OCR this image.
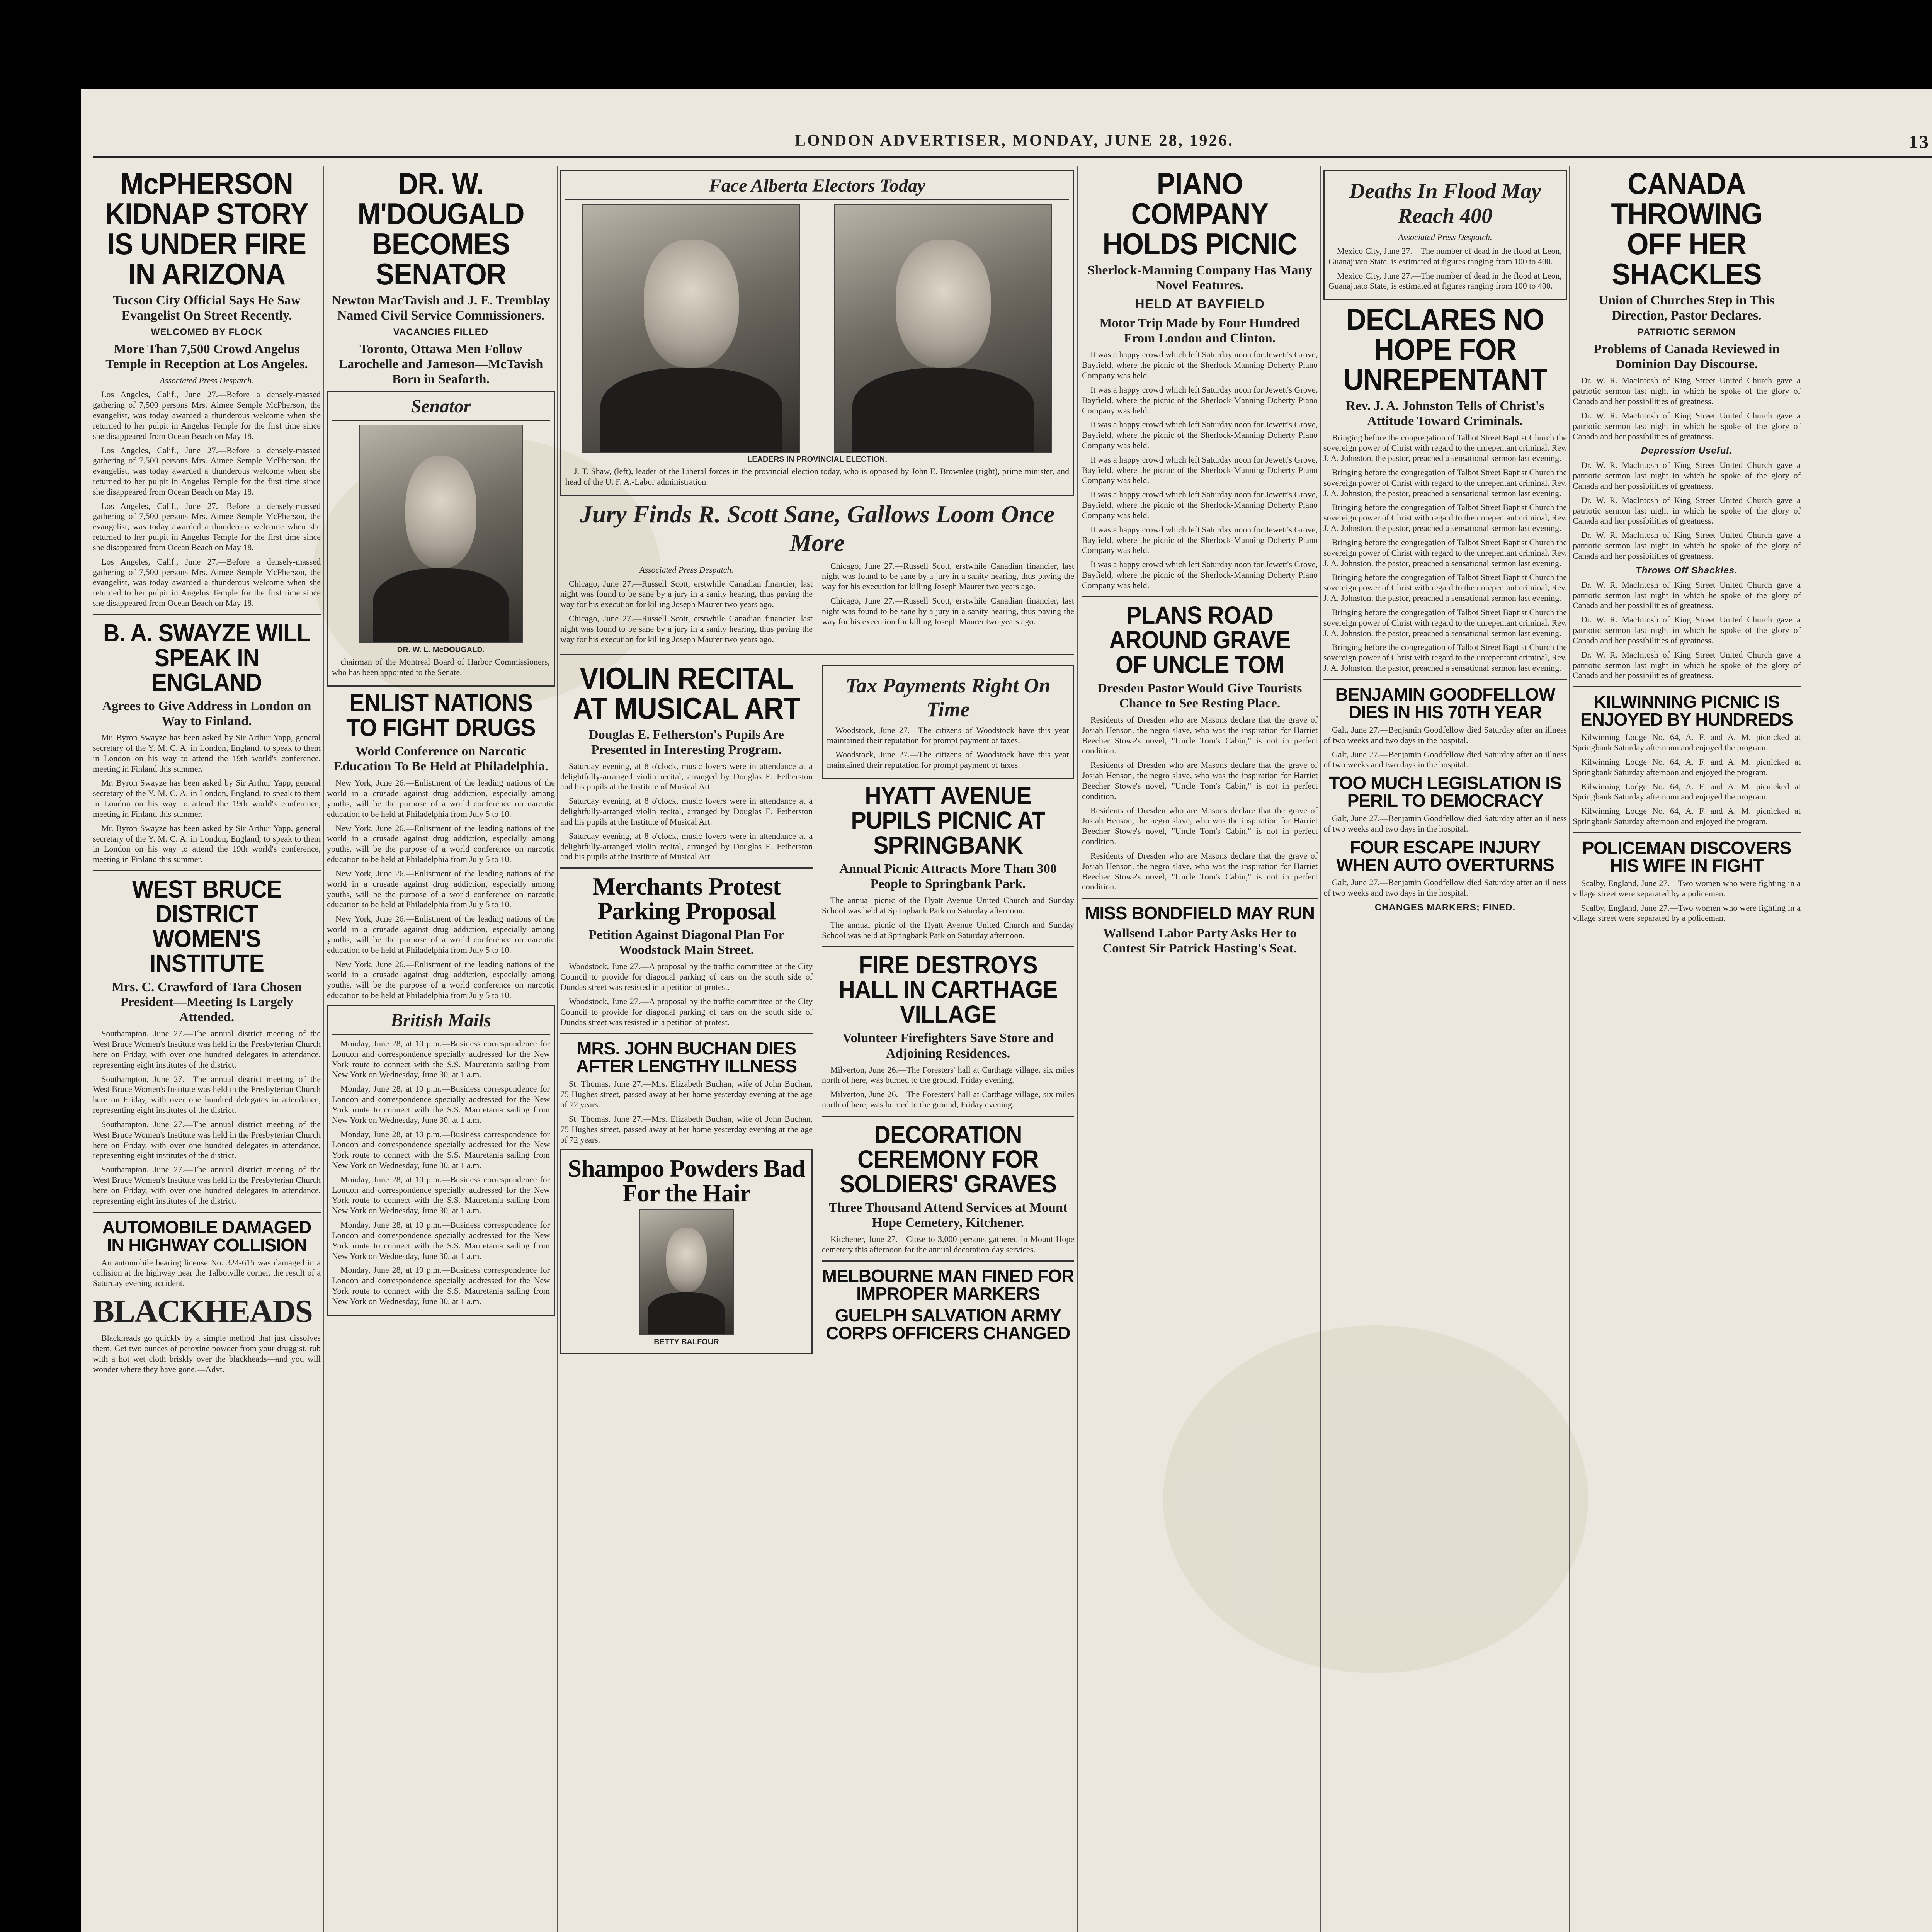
LONDON ADVERTISER, MONDAY, JUNE 28, 1926.	13
McPHERSON KIDNAP STORY IS UNDER FIRE IN ARIZONA
Tucson City Official Says He Saw Evangelist On Street Recently.
WELCOMED BY FLOCK
More Than 7,500 Crowd Angelus Temple in Reception at Los Angeles.
Associated Press Despatch.

Los Angeles, Calif., June 27.—Before a densely-massed gathering of 7,500 persons Mrs. Aimee Semple McPherson, the evangelist, was today awarded a thunderous welcome when she returned to her pulpit in Angelus Temple for the first time since she disappeared from Ocean Beach on May 18.

Los Angeles, Calif., June 27.—Before a densely-massed gathering of 7,500 persons Mrs. Aimee Semple McPherson, the evangelist, was today awarded a thunderous welcome when she returned to her pulpit in Angelus Temple for the first time since she disappeared from Ocean Beach on May 18.

Los Angeles, Calif., June 27.—Before a densely-massed gathering of 7,500 persons Mrs. Aimee Semple McPherson, the evangelist, was today awarded a thunderous welcome when she returned to her pulpit in Angelus Temple for the first time since she disappeared from Ocean Beach on May 18.

Los Angeles, Calif., June 27.—Before a densely-massed gathering of 7,500 persons Mrs. Aimee Semple McPherson, the evangelist, was today awarded a thunderous welcome when she returned to her pulpit in Angelus Temple for the first time since she disappeared from Ocean Beach on May 18.

B. A. SWAYZE WILL SPEAK IN ENGLAND
Agrees to Give Address in London on Way to Finland.

Mr. Byron Swayze has been asked by Sir Arthur Yapp, general secretary of the Y. M. C. A. in London, England, to speak to them in London on his way to attend the 19th world's conference, meeting in Finland this summer.

Mr. Byron Swayze has been asked by Sir Arthur Yapp, general secretary of the Y. M. C. A. in London, England, to speak to them in London on his way to attend the 19th world's conference, meeting in Finland this summer.

Mr. Byron Swayze has been asked by Sir Arthur Yapp, general secretary of the Y. M. C. A. in London, England, to speak to them in London on his way to attend the 19th world's conference, meeting in Finland this summer.

WEST BRUCE DISTRICT WOMEN'S INSTITUTE
Mrs. C. Crawford of Tara Chosen President—Meeting Is Largely Attended.

Southampton, June 27.—The annual district meeting of the West Bruce Women's Institute was held in the Presbyterian Church here on Friday, with over one hundred delegates in attendance, representing eight institutes of the district.

Southampton, June 27.—The annual district meeting of the West Bruce Women's Institute was held in the Presbyterian Church here on Friday, with over one hundred delegates in attendance, representing eight institutes of the district.

Southampton, June 27.—The annual district meeting of the West Bruce Women's Institute was held in the Presbyterian Church here on Friday, with over one hundred delegates in attendance, representing eight institutes of the district.

Southampton, June 27.—The annual district meeting of the West Bruce Women's Institute was held in the Presbyterian Church here on Friday, with over one hundred delegates in attendance, representing eight institutes of the district.

AUTOMOBILE DAMAGED IN HIGHWAY COLLISION

An automobile bearing license No. 324-615 was damaged in a collision at the highway near the Talbotville corner, the result of a Saturday evening accident.

BLACKHEADS

Blackheads go quickly by a simple method that just dissolves them. Get two ounces of peroxine powder from your druggist, rub with a hot wet cloth briskly over the blackheads—and you will wonder where they have gone.—Advt.

DR. W. M'DOUGALD BECOMES SENATOR
Newton MacTavish and J. E. Tremblay Named Civil Service Commissioners.
VACANCIES FILLED
Toronto, Ottawa Men Follow Larochelle and Jameson—McTavish Born in Seaforth.
Senator
DR. W. L. McDOUGALD.

chairman of the Montreal Board of Harbor Commissioners, who has been appointed to the Senate.

ENLIST NATIONS TO FIGHT DRUGS
World Conference on Narcotic Education To Be Held at Philadelphia.

New York, June 26.—Enlistment of the leading nations of the world in a crusade against drug addiction, especially among youths, will be the purpose of a world conference on narcotic education to be held at Philadelphia from July 5 to 10.

New York, June 26.—Enlistment of the leading nations of the world in a crusade against drug addiction, especially among youths, will be the purpose of a world conference on narcotic education to be held at Philadelphia from July 5 to 10.

New York, June 26.—Enlistment of the leading nations of the world in a crusade against drug addiction, especially among youths, will be the purpose of a world conference on narcotic education to be held at Philadelphia from July 5 to 10.

New York, June 26.—Enlistment of the leading nations of the world in a crusade against drug addiction, especially among youths, will be the purpose of a world conference on narcotic education to be held at Philadelphia from July 5 to 10.

New York, June 26.—Enlistment of the leading nations of the world in a crusade against drug addiction, especially among youths, will be the purpose of a world conference on narcotic education to be held at Philadelphia from July 5 to 10.

British Mails

Monday, June 28, at 10 p.m.—Business correspondence for London and correspondence specially addressed for the New York route to connect with the S.S. Mauretania sailing from New York on Wednesday, June 30, at 1 a.m.

Monday, June 28, at 10 p.m.—Business correspondence for London and correspondence specially addressed for the New York route to connect with the S.S. Mauretania sailing from New York on Wednesday, June 30, at 1 a.m.

Monday, June 28, at 10 p.m.—Business correspondence for London and correspondence specially addressed for the New York route to connect with the S.S. Mauretania sailing from New York on Wednesday, June 30, at 1 a.m.

Monday, June 28, at 10 p.m.—Business correspondence for London and correspondence specially addressed for the New York route to connect with the S.S. Mauretania sailing from New York on Wednesday, June 30, at 1 a.m.

Monday, June 28, at 10 p.m.—Business correspondence for London and correspondence specially addressed for the New York route to connect with the S.S. Mauretania sailing from New York on Wednesday, June 30, at 1 a.m.

Monday, June 28, at 10 p.m.—Business correspondence for London and correspondence specially addressed for the New York route to connect with the S.S. Mauretania sailing from New York on Wednesday, June 30, at 1 a.m.

Face Alberta Electors Today
LEADERS IN PROVINCIAL ELECTION.

J. T. Shaw, (left), leader of the Liberal forces in the provincial election today, who is opposed by John E. Brownlee (right), prime minister, and head of the U. F. A.-Labor administration.

Jury Finds R. Scott Sane, Gallows Loom Once More
Associated Press Despatch.

Chicago, June 27.—Russell Scott, erstwhile Canadian financier, last night was found to be sane by a jury in a sanity hearing, thus paving the way for his execution for killing Joseph Maurer two years ago.

Chicago, June 27.—Russell Scott, erstwhile Canadian financier, last night was found to be sane by a jury in a sanity hearing, thus paving the way for his execution for killing Joseph Maurer two years ago.

Chicago, June 27.—Russell Scott, erstwhile Canadian financier, last night was found to be sane by a jury in a sanity hearing, thus paving the way for his execution for killing Joseph Maurer two years ago.

Chicago, June 27.—Russell Scott, erstwhile Canadian financier, last night was found to be sane by a jury in a sanity hearing, thus paving the way for his execution for killing Joseph Maurer two years ago.

VIOLIN RECITAL AT MUSICAL ART
Douglas E. Fetherston's Pupils Are Presented in Interesting Program.

Saturday evening, at 8 o'clock, music lovers were in attendance at a delightfully-arranged violin recital, arranged by Douglas E. Fetherston and his pupils at the Institute of Musical Art.

Saturday evening, at 8 o'clock, music lovers were in attendance at a delightfully-arranged violin recital, arranged by Douglas E. Fetherston and his pupils at the Institute of Musical Art.

Saturday evening, at 8 o'clock, music lovers were in attendance at a delightfully-arranged violin recital, arranged by Douglas E. Fetherston and his pupils at the Institute of Musical Art.

Merchants Protest Parking Proposal
Petition Against Diagonal Plan For Woodstock Main Street.

Woodstock, June 27.—A proposal by the traffic committee of the City Council to provide for diagonal parking of cars on the south side of Dundas street was resisted in a petition of protest.

Woodstock, June 27.—A proposal by the traffic committee of the City Council to provide for diagonal parking of cars on the south side of Dundas street was resisted in a petition of protest.

MRS. JOHN BUCHAN DIES AFTER LENGTHY ILLNESS

St. Thomas, June 27.—Mrs. Elizabeth Buchan, wife of John Buchan, 75 Hughes street, passed away at her home yesterday evening at the age of 72 years.

St. Thomas, June 27.—Mrs. Elizabeth Buchan, wife of John Buchan, 75 Hughes street, passed away at her home yesterday evening at the age of 72 years.

Shampoo Powders Bad For the Hair
BETTY BALFOUR
Tax Payments Right On Time

Woodstock, June 27.—The citizens of Woodstock have this year maintained their reputation for prompt payment of taxes.

Woodstock, June 27.—The citizens of Woodstock have this year maintained their reputation for prompt payment of taxes.

HYATT AVENUE PUPILS PICNIC AT SPRINGBANK
Annual Picnic Attracts More Than 300 People to Springbank Park.

The annual picnic of the Hyatt Avenue United Church and Sunday School was held at Springbank Park on Saturday afternoon.

The annual picnic of the Hyatt Avenue United Church and Sunday School was held at Springbank Park on Saturday afternoon.

FIRE DESTROYS HALL IN CARTHAGE VILLAGE
Volunteer Firefighters Save Store and Adjoining Residences.

Milverton, June 26.—The Foresters' hall at Carthage village, six miles north of here, was burned to the ground, Friday evening.

Milverton, June 26.—The Foresters' hall at Carthage village, six miles north of here, was burned to the ground, Friday evening.

DECORATION CEREMONY FOR SOLDIERS' GRAVES
Three Thousand Attend Services at Mount Hope Cemetery, Kitchener.

Kitchener, June 27.—Close to 3,000 persons gathered in Mount Hope cemetery this afternoon for the annual decoration day services.

MELBOURNE MAN FINED FOR IMPROPER MARKERS
GUELPH SALVATION ARMY CORPS OFFICERS CHANGED
PIANO COMPANY HOLDS PICNIC
Sherlock-Manning Company Has Many Novel Features.
HELD AT BAYFIELD
Motor Trip Made by Four Hundred From London and Clinton.

It was a happy crowd which left Saturday noon for Jewett's Grove, Bayfield, where the picnic of the Sherlock-Manning Doherty Piano Company was held.

It was a happy crowd which left Saturday noon for Jewett's Grove, Bayfield, where the picnic of the Sherlock-Manning Doherty Piano Company was held.

It was a happy crowd which left Saturday noon for Jewett's Grove, Bayfield, where the picnic of the Sherlock-Manning Doherty Piano Company was held.

It was a happy crowd which left Saturday noon for Jewett's Grove, Bayfield, where the picnic of the Sherlock-Manning Doherty Piano Company was held.

It was a happy crowd which left Saturday noon for Jewett's Grove, Bayfield, where the picnic of the Sherlock-Manning Doherty Piano Company was held.

It was a happy crowd which left Saturday noon for Jewett's Grove, Bayfield, where the picnic of the Sherlock-Manning Doherty Piano Company was held.

It was a happy crowd which left Saturday noon for Jewett's Grove, Bayfield, where the picnic of the Sherlock-Manning Doherty Piano Company was held.

PLANS ROAD AROUND GRAVE OF UNCLE TOM
Dresden Pastor Would Give Tourists Chance to See Resting Place.

Residents of Dresden who are Masons declare that the grave of Josiah Henson, the negro slave, who was the inspiration for Harriet Beecher Stowe's novel, "Uncle Tom's Cabin," is not in perfect condition.

Residents of Dresden who are Masons declare that the grave of Josiah Henson, the negro slave, who was the inspiration for Harriet Beecher Stowe's novel, "Uncle Tom's Cabin," is not in perfect condition.

Residents of Dresden who are Masons declare that the grave of Josiah Henson, the negro slave, who was the inspiration for Harriet Beecher Stowe's novel, "Uncle Tom's Cabin," is not in perfect condition.

Residents of Dresden who are Masons declare that the grave of Josiah Henson, the negro slave, who was the inspiration for Harriet Beecher Stowe's novel, "Uncle Tom's Cabin," is not in perfect condition.

MISS BONDFIELD MAY RUN
Wallsend Labor Party Asks Her to Contest Sir Patrick Hasting's Seat.
Deaths In Flood May Reach 400
Associated Press Despatch.

Mexico City, June 27.—The number of dead in the flood at Leon, Guanajuato State, is estimated at figures ranging from 100 to 400.

Mexico City, June 27.—The number of dead in the flood at Leon, Guanajuato State, is estimated at figures ranging from 100 to 400.

DECLARES NO HOPE FOR UNREPENTANT
Rev. J. A. Johnston Tells of Christ's Attitude Toward Criminals.

Bringing before the congregation of Talbot Street Baptist Church the sovereign power of Christ with regard to the unrepentant criminal, Rev. J. A. Johnston, the pastor, preached a sensational sermon last evening.

Bringing before the congregation of Talbot Street Baptist Church the sovereign power of Christ with regard to the unrepentant criminal, Rev. J. A. Johnston, the pastor, preached a sensational sermon last evening.

Bringing before the congregation of Talbot Street Baptist Church the sovereign power of Christ with regard to the unrepentant criminal, Rev. J. A. Johnston, the pastor, preached a sensational sermon last evening.

Bringing before the congregation of Talbot Street Baptist Church the sovereign power of Christ with regard to the unrepentant criminal, Rev. J. A. Johnston, the pastor, preached a sensational sermon last evening.

Bringing before the congregation of Talbot Street Baptist Church the sovereign power of Christ with regard to the unrepentant criminal, Rev. J. A. Johnston, the pastor, preached a sensational sermon last evening.

Bringing before the congregation of Talbot Street Baptist Church the sovereign power of Christ with regard to the unrepentant criminal, Rev. J. A. Johnston, the pastor, preached a sensational sermon last evening.

Bringing before the congregation of Talbot Street Baptist Church the sovereign power of Christ with regard to the unrepentant criminal, Rev. J. A. Johnston, the pastor, preached a sensational sermon last evening.

BENJAMIN GOODFELLOW DIES IN HIS 70TH YEAR

Galt, June 27.—Benjamin Goodfellow died Saturday after an illness of two weeks and two days in the hospital.

Galt, June 27.—Benjamin Goodfellow died Saturday after an illness of two weeks and two days in the hospital.

TOO MUCH LEGISLATION IS PERIL TO DEMOCRACY

Galt, June 27.—Benjamin Goodfellow died Saturday after an illness of two weeks and two days in the hospital.

FOUR ESCAPE INJURY WHEN AUTO OVERTURNS

Galt, June 27.—Benjamin Goodfellow died Saturday after an illness of two weeks and two days in the hospital.

CHANGES MARKERS; FINED.
CANADA THROWING OFF HER SHACKLES
Union of Churches Step in This Direction, Pastor Declares.
PATRIOTIC SERMON
Problems of Canada Reviewed in Dominion Day Discourse.

Dr. W. R. MacIntosh of King Street United Church gave a patriotic sermon last night in which he spoke of the glory of Canada and her possibilities of greatness.

Dr. W. R. MacIntosh of King Street United Church gave a patriotic sermon last night in which he spoke of the glory of Canada and her possibilities of greatness.

Depression Useful.

Dr. W. R. MacIntosh of King Street United Church gave a patriotic sermon last night in which he spoke of the glory of Canada and her possibilities of greatness.

Dr. W. R. MacIntosh of King Street United Church gave a patriotic sermon last night in which he spoke of the glory of Canada and her possibilities of greatness.

Dr. W. R. MacIntosh of King Street United Church gave a patriotic sermon last night in which he spoke of the glory of Canada and her possibilities of greatness.

Throws Off Shackles.

Dr. W. R. MacIntosh of King Street United Church gave a patriotic sermon last night in which he spoke of the glory of Canada and her possibilities of greatness.

Dr. W. R. MacIntosh of King Street United Church gave a patriotic sermon last night in which he spoke of the glory of Canada and her possibilities of greatness.

Dr. W. R. MacIntosh of King Street United Church gave a patriotic sermon last night in which he spoke of the glory of Canada and her possibilities of greatness.

KILWINNING PICNIC IS ENJOYED BY HUNDREDS

Kilwinning Lodge No. 64, A. F. and A. M. picnicked at Springbank Saturday afternoon and enjoyed the program.

Kilwinning Lodge No. 64, A. F. and A. M. picnicked at Springbank Saturday afternoon and enjoyed the program.

Kilwinning Lodge No. 64, A. F. and A. M. picnicked at Springbank Saturday afternoon and enjoyed the program.

Kilwinning Lodge No. 64, A. F. and A. M. picnicked at Springbank Saturday afternoon and enjoyed the program.

POLICEMAN DISCOVERS HIS WIFE IN FIGHT

Scalby, England, June 27.—Two women who were fighting in a village street were separated by a policeman.

Scalby, England, June 27.—Two women who were fighting in a village street were separated by a policeman.
